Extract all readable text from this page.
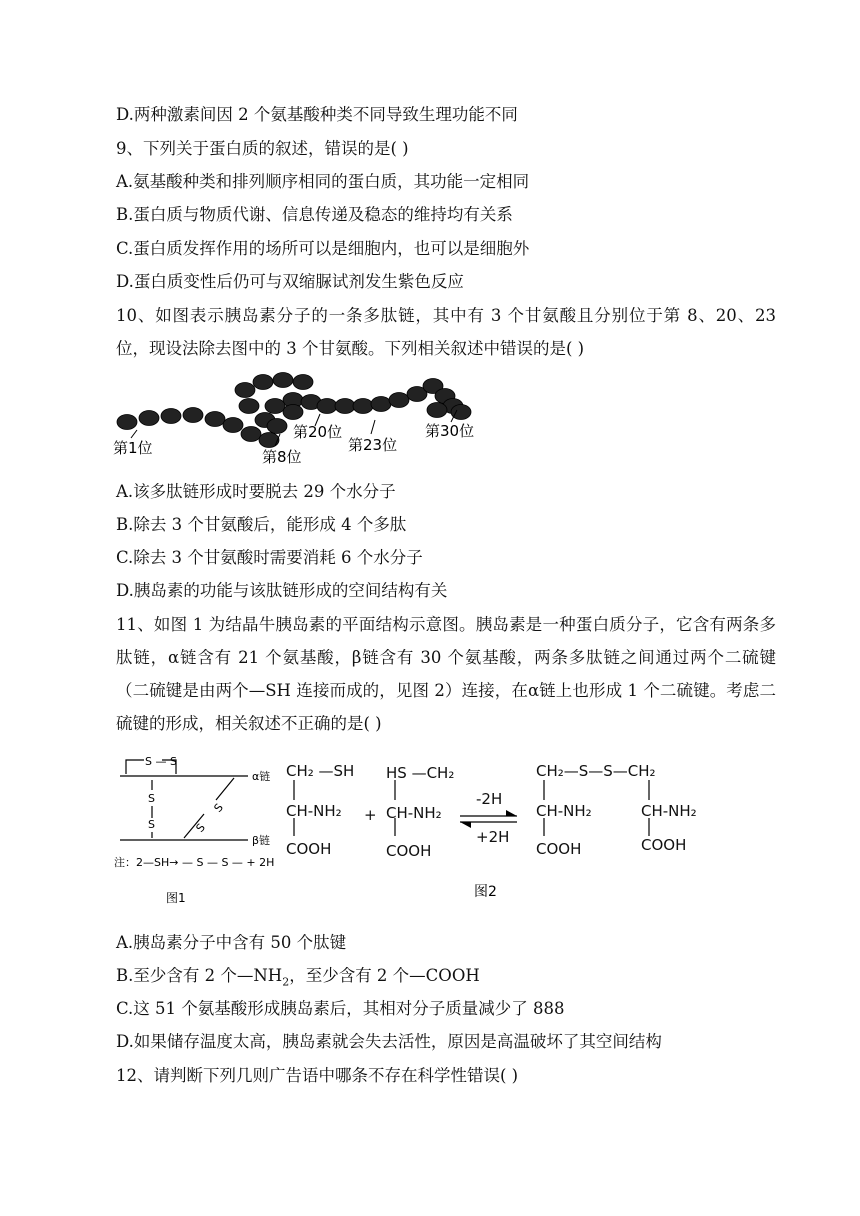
D.两种激素间因 2 个氨基酸种类不同导致生理功能不同
9、下列关于蛋白质的叙述，错误的是( )
A.氨基酸种类和排列顺序相同的蛋白质，其功能一定相同
B.蛋白质与物质代谢、信息传递及稳态的维持均有关系
C.蛋白质发挥作用的场所可以是细胞内，也可以是细胞外
D.蛋白质变性后仍可与双缩脲试剂发生紫色反应
10、如图表示胰岛素分子的一条多肽链，其中有 3 个甘氨酸且分别位于第 8、20、23 位，现设法除去图中的 3 个甘氨酸。下列相关叙述中错误的是( )
第1位	第8位
第20位
第23位
第30位
A.该多肽链形成时要脱去 29 个水分子
B.除去 3 个甘氨酸后，能形成 4 个多肽
C.除去 3 个甘氨酸时需要消耗 6 个水分子
D.胰岛素的功能与该肽链形成的空间结构有关
11、如图 1 为结晶牛胰岛素的平面结构示意图。胰岛素是一种蛋白质分子，它含有两条多肽链，α链含有 21 个氨基酸，β链含有 30 个氨基酸，两条多肽链之间通过两个二硫键（二硫键是由两个—SH 连接而成的，见图 2）连接，在α链上也形成 1 个二硫键。考虑二硫键的形成，相关叙述不正确的是( )
S — S
α链
β链
S
S
S
S
注：2—SH→ — S — S — + 2H
图1
CH₂ —SH
CH-NH₂
COOH
+
HS —CH₂
CH-NH₂
COOH
-2H
+2H
CH₂—S—S—CH₂
CH-NH₂
COOH
CH-NH₂
COOH
图2
A.胰岛素分子中含有 50 个肽键
B.至少含有 2 个$—NH_2$，至少含有 2 个—COOH
C.这 51 个氨基酸形成胰岛素后，其相对分子质量减少了 888
D.如果储存温度太高，胰岛素就会失去活性，原因是高温破坏了其空间结构
12、请判断下列几则广告语中哪条不存在科学性错误( )
